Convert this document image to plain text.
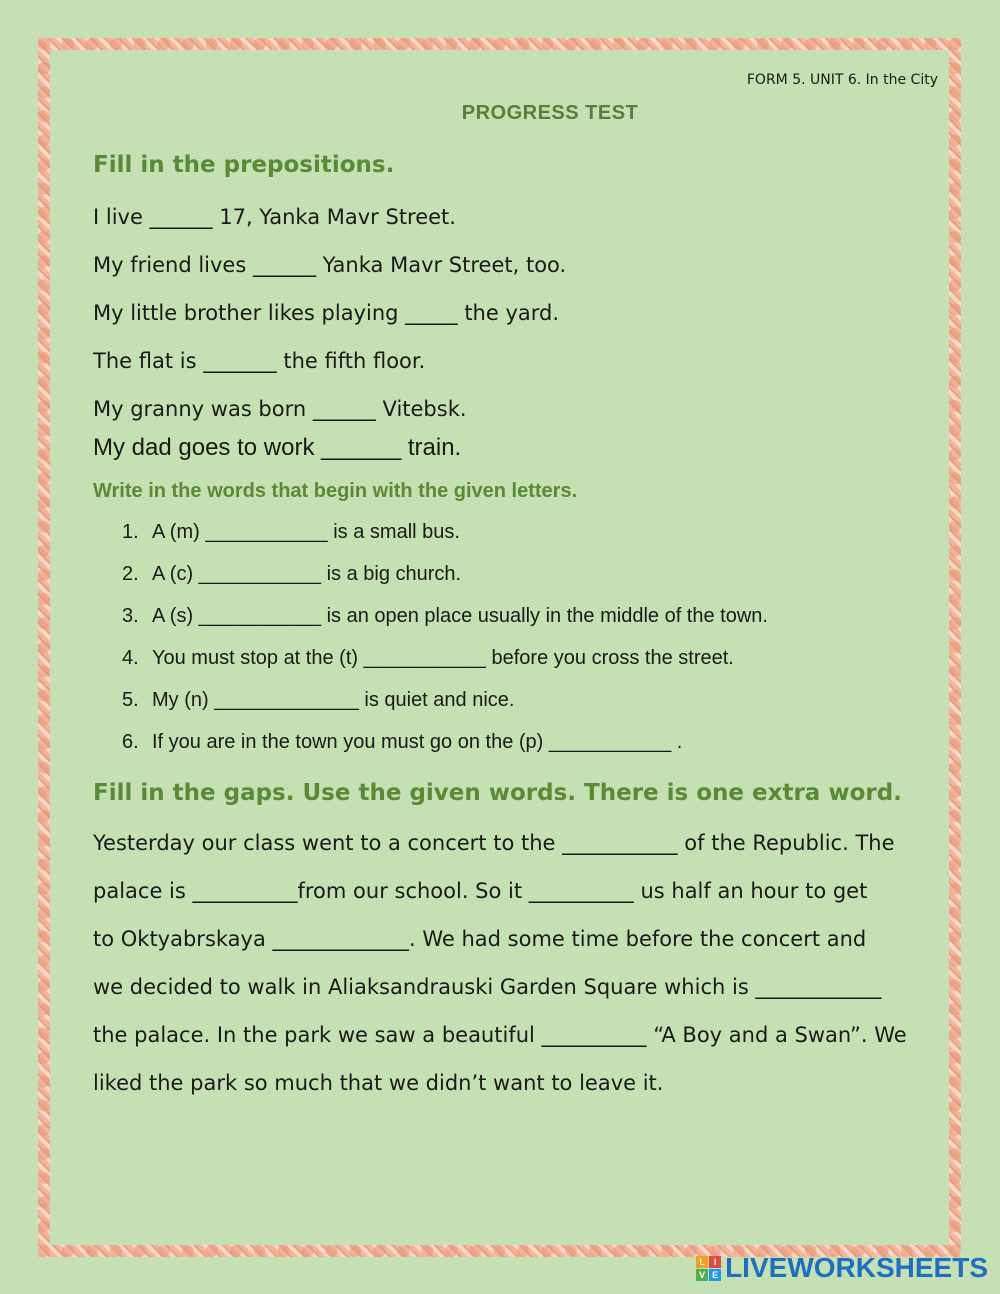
FORM 5. UNIT 6. In the City
PROGRESS TEST
Fill in the prepositions.
I live ______ 17, Yanka Mavr Street.
My friend lives ______ Yanka Mavr Street, too.
My little brother likes playing _____ the yard.
The flat is _______ the fifth floor.
My granny was born ______ Vitebsk.
My dad goes to work ______ train.
Write in the words that begin with the given letters.
1. A (m) ___________ is a small bus.
2. A (c) ___________ is a big church.
3. A (s) ___________ is an open place usually in the middle of the town.
4. You must stop at the (t) ___________ before you cross the street.
5. My (n) _____________ is quiet and nice.
6. If you are in the town you must go on the (p) ___________ .
Fill in the gaps. Use the given words. There is one extra word.
Yesterday our class went to a concert to the ___________ of the Republic. The
palace is __________from our school. So it __________ us half an hour to get
to Oktyabrskaya _____________. We had some time before the concert and
we decided to walk in Aliaksandrauski Garden Square which is ____________
the palace. In the park we saw a beautiful __________ “A Boy and a Swan”. We
liked the park so much that we didn’t want to leave it.
L I
V E LIVEWORKSHEETS
